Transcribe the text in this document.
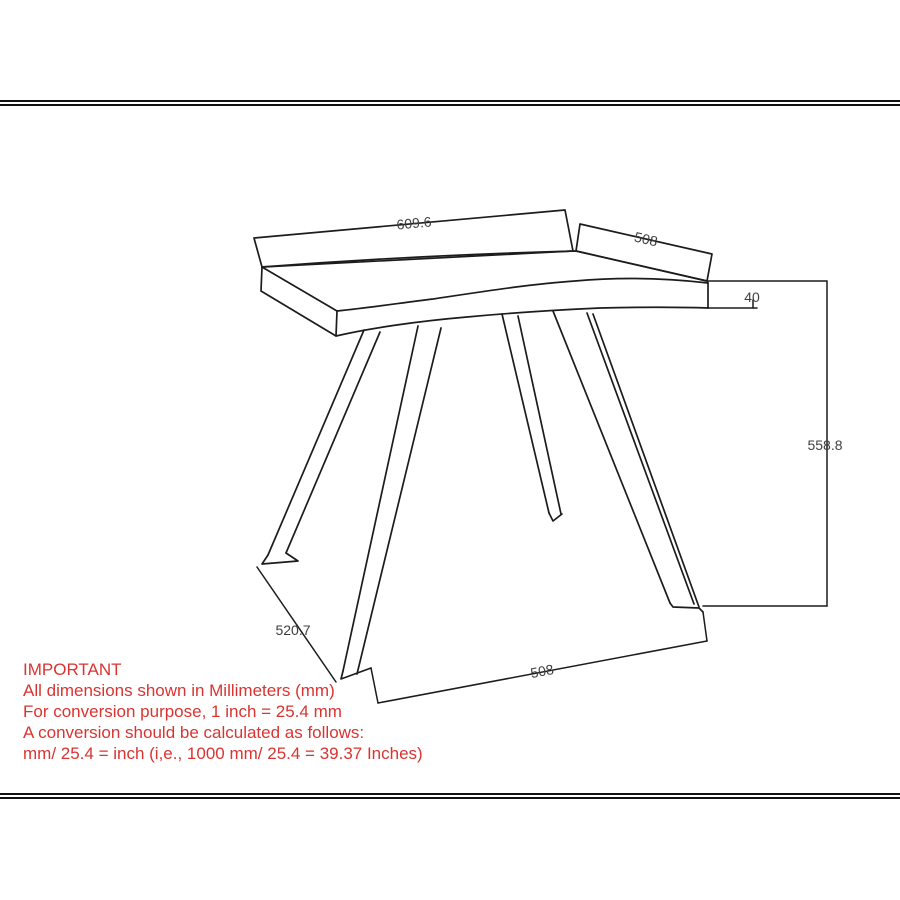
609.6
508
40
558.8
520.7
508
IMPORTANT
All dimensions shown in Millimeters (mm)
For conversion purpose, 1 inch = 25.4 mm
A conversion should be calculated as follows:
mm/ 25.4 = inch (i,e., 1000 mm/ 25.4 = 39.37 Inches)
